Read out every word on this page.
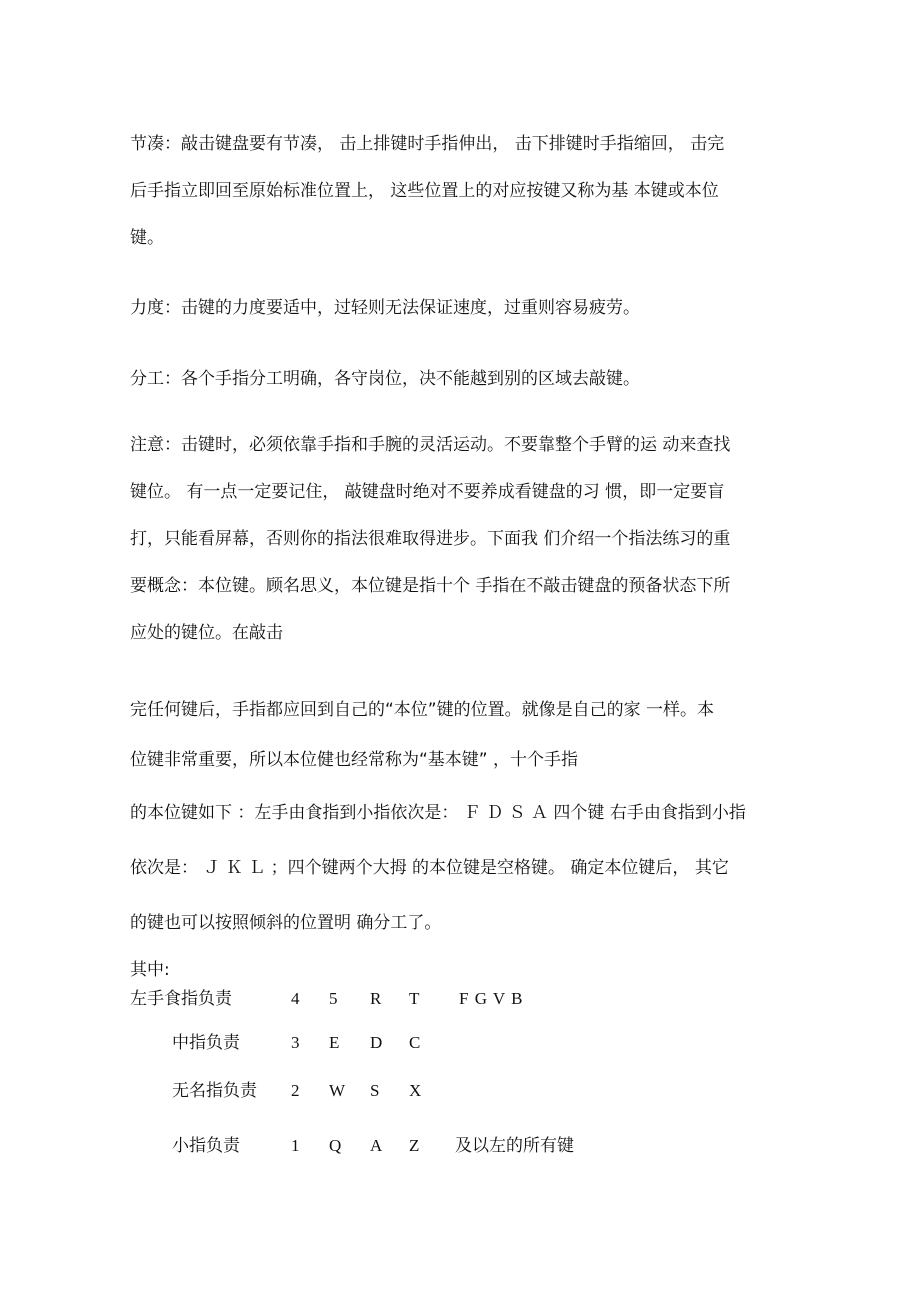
节凑：敲击键盘要有节凑， 击上排键时手指伸出， 击下排键时手指缩回， 击完
后手指立即回至原始标准位置上， 这些位置上的对应按键又称为基 本键或本位
键。
力度：击键的力度要适中，过轻则无法保证速度，过重则容易疲劳。
分工：各个手指分工明确，各守岗位，决不能越到别的区域去敲键。
注意：击键时，必须依靠手指和手腕的灵活运动。不要靠整个手臂的运 动来查找
键位。 有一点一定要记住， 敲键盘时绝对不要养成看键盘的习 惯，即一定要盲
打，只能看屏幕，否则你的指法很难取得进步。下面我 们介绍一个指法练习的重
要概念：本位键。顾名思义，本位键是指十个 手指在不敲击键盘的预备状态下所
应处的键位。在敲击
完任何键后，手指都应回到自己的“本位”键的位置。就像是自己的家 一样。本
位键非常重要，所以本位健也经常称为“基本键” ，十个手指
的本位键如下 ：左手由食指到小指依次是： Ｆ Ｄ Ｓ Ａ 四个键 右手由食指到小指
依次是： Ｊ Ｋ Ｌ ；四个键两个大拇 的本位键是空格键。 确定本位键后， 其它
的键也可以按照倾斜的位置明 确分工了。
其中:
左手食指负责	4 5 R T F G V B
中指负责	3 E D C
无名指负责 2 W S X
小指负责	1 Q A Z 及以左的所有键
